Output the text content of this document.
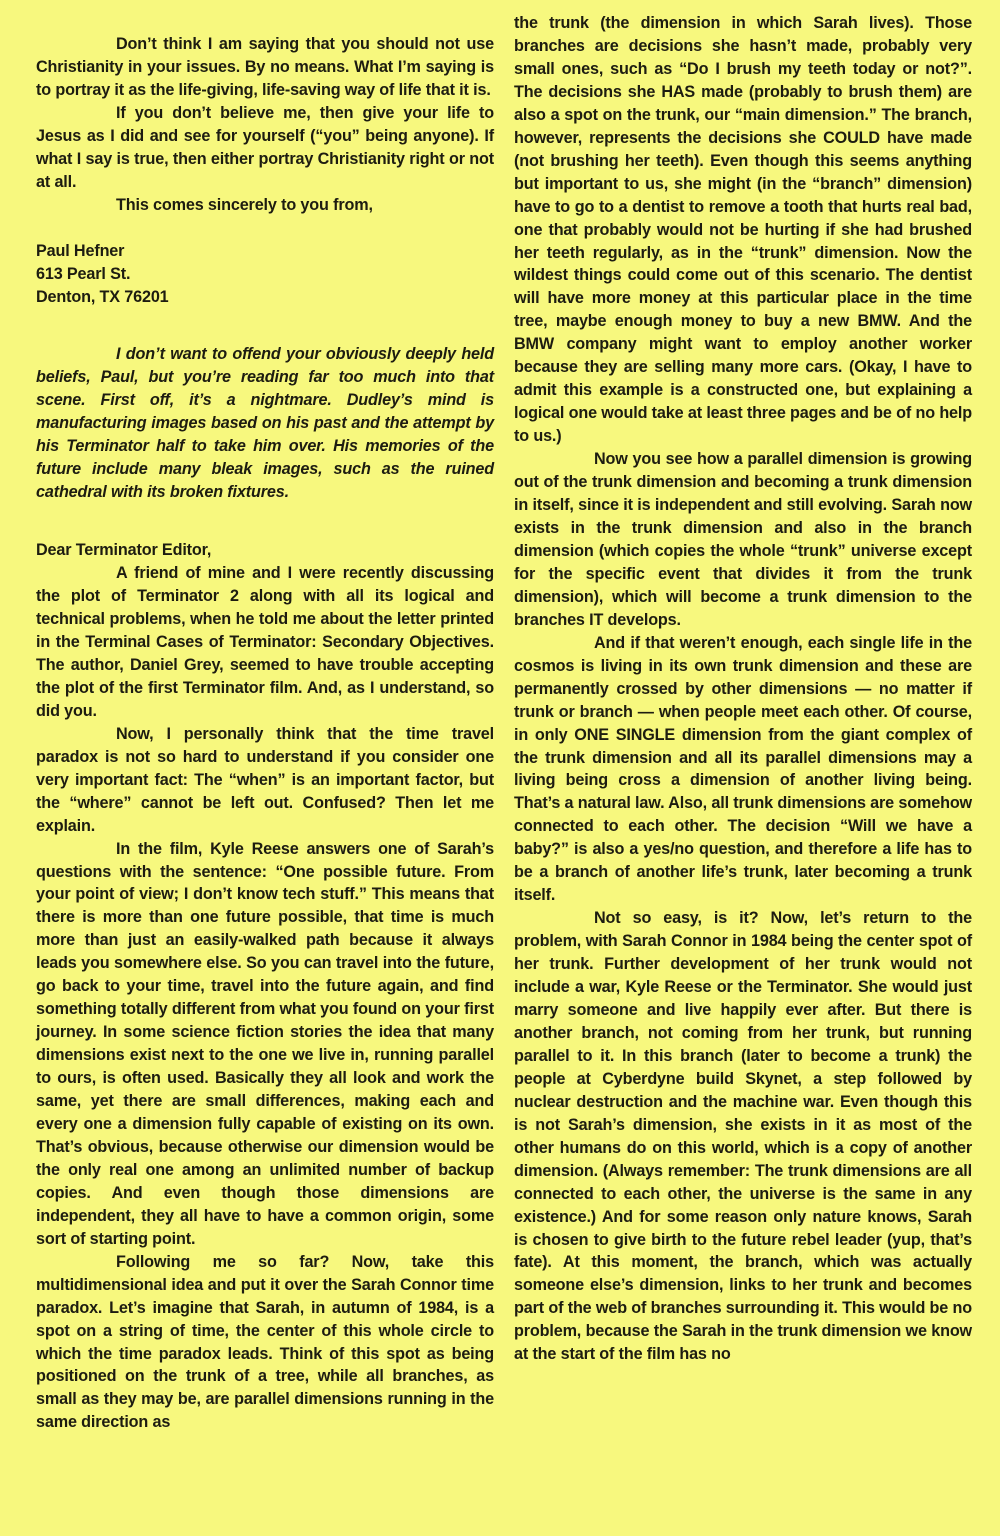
Don’t think I am saying that you should not use Christianity in your issues. By no means. What I’m saying is to portray it as the life-giving, life-saving way of life that it is.

If you don’t believe me, then give your life to Jesus as I did and see for yourself (“you” being anyone). If what I say is true, then either portray Christianity right or not at all.

This comes sincerely to you from,

Paul Hefner

613 Pearl St.

Denton, TX 76201

I don’t want to offend your obviously deeply held beliefs, Paul, but you’re reading far too much into that scene. First off, it’s a nightmare. Dudley’s mind is manufacturing images based on his past and the attempt by his Terminator half to take him over. His memories of the future include many bleak images, such as the ruined cathedral with its broken fixtures.

Dear Terminator Editor,

A friend of mine and I were recently discussing the plot of Terminator 2 along with all its logical and technical problems, when he told me about the letter printed in the Terminal Cases of Terminator: Secondary Objectives. The author, Daniel Grey, seemed to have trouble accepting the plot of the first Terminator film. And, as I understand, so did you.

Now, I personally think that the time travel paradox is not so hard to understand if you consider one very important fact: The “when” is an important factor, but the “where” cannot be left out. Confused? Then let me explain.

In the film, Kyle Reese answers one of Sarah’s questions with the sentence: “One possible future. From your point of view; I don’t know tech stuff.” This means that there is more than one future possible, that time is much more than just an easily-walked path because it always leads you somewhere else. So you can travel into the future, go back to your time, travel into the future again, and find something totally different from what you found on your first journey. In some science fiction stories the idea that many dimensions exist next to the one we live in, running parallel to ours, is often used. Basically they all look and work the same, yet there are small differences, making each and every one a dimension fully capable of existing on its own. That’s obvious, because otherwise our dimension would be the only real one among an unlimited number of backup copies. And even though those dimensions are independent, they all have to have a common origin, some sort of starting point.

Following me so far? Now, take this multidimensional idea and put it over the Sarah Connor time paradox. Let’s imagine that Sarah, in autumn of 1984, is a spot on a string of time, the center of this whole circle to which the time paradox leads. Think of this spot as being positioned on the trunk of a tree, while all branches, as small as they may be, are parallel dimensions running in the same direction as

the trunk (the dimension in which Sarah lives). Those branches are decisions she hasn’t made, probably very small ones, such as “Do I brush my teeth today or not?”. The decisions she HAS made (probably to brush them) are also a spot on the trunk, our “main dimension.” The branch, however, represents the decisions she COULD have made (not brushing her teeth). Even though this seems anything but important to us, she might (in the “branch” dimension) have to go to a dentist to remove a tooth that hurts real bad, one that probably would not be hurting if she had brushed her teeth regularly, as in the “trunk” dimension. Now the wildest things could come out of this scenario. The dentist will have more money at this particular place in the time tree, maybe enough money to buy a new BMW. And the BMW company might want to employ another worker because they are selling many more cars. (Okay, I have to admit this example is a constructed one, but explaining a logical one would take at least three pages and be of no help to us.)

Now you see how a parallel dimension is growing out of the trunk dimension and becoming a trunk dimension in itself, since it is independent and still evolving. Sarah now exists in the trunk dimension and also in the branch dimension (which copies the whole “trunk” universe except for the specific event that divides it from the trunk dimension), which will become a trunk dimension to the branches IT develops.

And if that weren’t enough, each single life in the cosmos is living in its own trunk dimension and these are permanently crossed by other dimensions — no matter if trunk or branch — when people meet each other. Of course, in only ONE SINGLE dimension from the giant complex of the trunk dimension and all its parallel dimensions may a living being cross a dimension of another living being. That’s a natural law. Also, all trunk dimensions are somehow connected to each other. The decision “Will we have a baby?” is also a yes/no question, and therefore a life has to be a branch of another life’s trunk, later becoming a trunk itself.

Not so easy, is it? Now, let’s return to the problem, with Sarah Connor in 1984 being the center spot of her trunk. Further development of her trunk would not include a war, Kyle Reese or the Terminator. She would just marry someone and live happily ever after. But there is another branch, not coming from her trunk, but running parallel to it. In this branch (later to become a trunk) the people at Cyberdyne build Skynet, a step followed by nuclear destruction and the machine war. Even though this is not Sarah’s dimension, she exists in it as most of the other humans do on this world, which is a copy of another dimension. (Always remember: The trunk dimensions are all connected to each other, the universe is the same in any existence.) And for some reason only nature knows, Sarah is chosen to give birth to the future rebel leader (yup, that’s fate). At this moment, the branch, which was actually someone else’s dimension, links to her trunk and becomes part of the web of branches surrounding it. This would be no problem, because the Sarah in the trunk dimension we know at the start of the film has no
